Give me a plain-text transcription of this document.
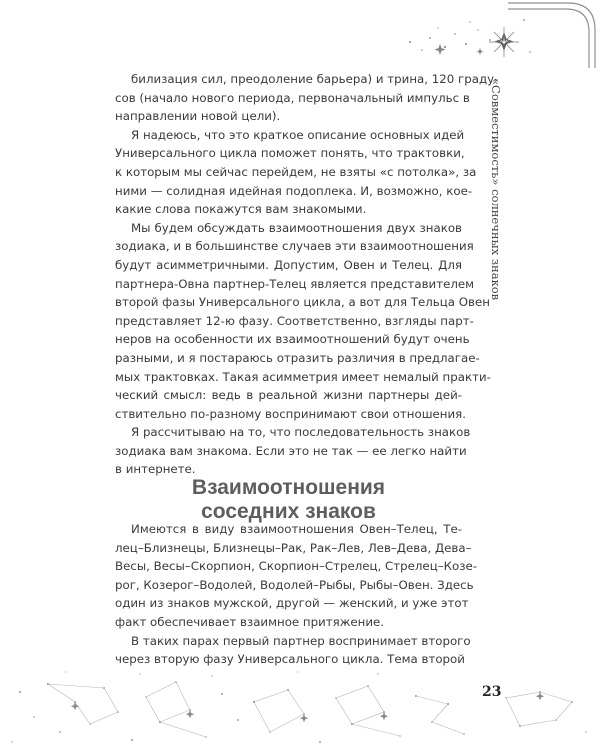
«Совместимость» солнечных знаков

билизация сил, преодоление барьера) и трина, 120 граду-
сов (начало нового периода, первоначальный импульс в
направлении новой цели).

Я надеюсь, что это краткое описание основных идей
Универсального цикла поможет понять, что трактовки,
к которым мы сейчас перейдем, не взяты «с потолка», за
ними — солидная идейная подоплека. И, возможно, кое-
какие слова покажутся вам знакомыми.

Мы будем обсуждать взаимоотношения двух знаков
зодиака, и в большинстве случаев эти взаимоотношения
будут асимметричными. Допустим, Овен и Телец. Для
партнера-Овна партнер-Телец является представителем
второй фазы Универсального цикла, а вот для Тельца Овен
представляет 12-ю фазу. Соответственно, взгляды парт-
неров на особенности их взаимоотношений будут очень
разными, и я постараюсь отразить различия в предлагае-
мых трактовках. Такая асимметрия имеет немалый практи-
ческий смысл: ведь в реальной жизни партнеры дей-
ствительно по-разному воспринимают свои отношения.

Я рассчитываю на то, что последовательность знаков
зодиака вам знакома. Если это не так — ее легко найти
в интернете.

Взаимоотношения
соседних знаков

Имеются в виду взаимоотношения Овен–Телец, Те-
лец–Близнецы, Близнецы–Рак, Рак–Лев, Лев–Дева, Дева–
Весы, Весы–Скорпион, Скорпион–Стрелец, Стрелец–Козе-
рог, Козерог–Водолей, Водолей–Рыбы, Рыбы–Овен. Здесь
один из знаков мужской, другой — женский, и уже этот
факт обеспечивает взаимное притяжение.

В таких парах первый партнер воспринимает второго
через вторую фазу Универсального цикла. Тема второй

23
